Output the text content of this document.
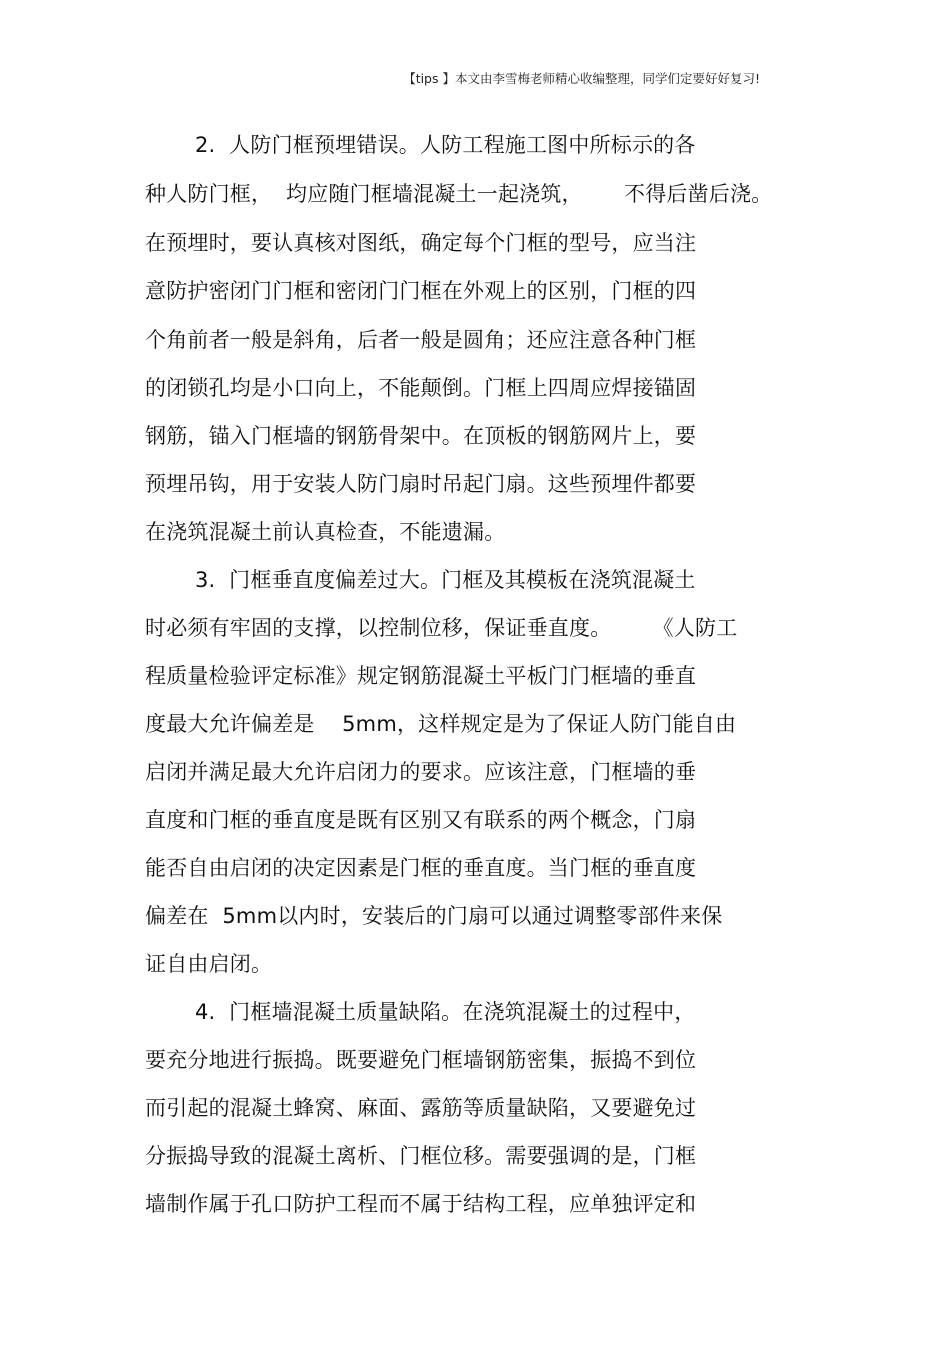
【tips 】本文由李雪梅老师精心收编整理，同学们定要好好复习!
2.  人防门框预埋错误。人防工程施工图中所标示的各
种人防门框，  均应随门框墙混凝土一起浇筑，      不得后凿后浇。
在预埋时，要认真核对图纸，确定每个门框的型号，应当注
意防护密闭门门框和密闭门门框在外观上的区别，门框的四
个角前者一般是斜角，后者一般是圆角；还应注意各种门框
的闭锁孔均是小口向上，不能颠倒。门框上四周应焊接锚固
钢筋，锚入门框墙的钢筋骨架中。在顶板的钢筋网片上，要
预埋吊钩，用于安装人防门扇时吊起门扇。这些预埋件都要
在浇筑混凝土前认真检查，不能遗漏。
3.  门框垂直度偏差过大。门框及其模板在浇筑混凝土
时必须有牢固的支撑，以控制位移，保证垂直度。      《人防工
程质量检验评定标准》规定钢筋混凝土平板门门框墙的垂直
度最大允许偏差是    5mm，这样规定是为了保证人防门能自由
启闭并满足最大允许启闭力的要求。应该注意，门框墙的垂
直度和门框的垂直度是既有区别又有联系的两个概念，门扇
能否自由启闭的决定因素是门框的垂直度。当门框的垂直度
偏差在  5mm以内时，安装后的门扇可以通过调整零部件来保
证自由启闭。
4.  门框墙混凝土质量缺陷。在浇筑混凝土的过程中，
要充分地进行振捣。既要避免门框墙钢筋密集，振捣不到位
而引起的混凝土蜂窝、麻面、露筋等质量缺陷，又要避免过
分振捣导致的混凝土离析、门框位移。需要强调的是，门框
墙制作属于孔口防护工程而不属于结构工程，应单独评定和
